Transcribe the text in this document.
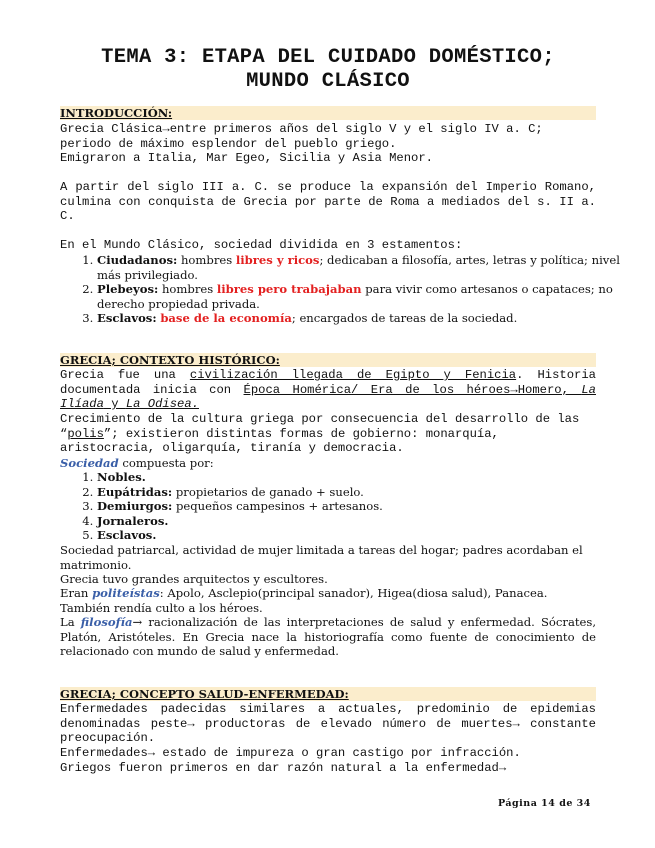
TEMA 3: ETAPA DEL CUIDADO DOMÉSTICO;
MUNDO CLÁSICO
INTRODUCCIÓN:
Grecia Clásica→entre primeros años del siglo V y el siglo IV a. C;
periodo de máximo esplendor del pueblo griego.
Emigraron a Italia, Mar Egeo, Sicilia y Asia Menor.

A partir del siglo III a. C. se produce la expansión del Imperio Romano, culmina con conquista de Grecia por parte de Roma a mediados del s. II a. C.

En el Mundo Clásico, sociedad dividida en 3 estamentos:

1. Ciudadanos: hombres libres y ricos; dedicaban a filosofía, artes, letras y política; nivel más privilegiado.
2. Plebeyos: hombres libres pero trabajaban para vivir como artesanos o capataces; no derecho propiedad privada.
3. Esclavos: base de la economía; encargados de tareas de la sociedad.
GRECIA; CONTEXTO HISTÓRICO:

Grecia fue una civilización llegada de Egipto y Fenicia. Historia documentada inicia con Época Homérica/ Era de los héroes→Homero, La Ilíada y La Odisea.

Crecimiento de la cultura griega por consecuencia del desarrollo de las “polis”; existieron distintas formas de gobierno: monarquía, aristocracia, oligarquía, tiranía y democracia.

Sociedad compuesta por:

1. Nobles.
2. Eupátridas: propietarios de ganado + suelo.
3. Demiurgos: pequeños campesinos + artesanos.
4. Jornaleros.
5. Esclavos.

Sociedad patriarcal, actividad de mujer limitada a tareas del hogar; padres acordaban el matrimonio.

Grecia tuvo grandes arquitectos y escultores.

Eran politeístas: Apolo, Asclepio(principal sanador), Higea(diosa salud), Panacea. También rendía culto a los héroes.

La filosofía→ racionalización de las interpretaciones de salud y enfermedad. Sócrates, Platón, Aristóteles. En Grecia nace la historiografía como fuente de conocimiento de relacionado con mundo de salud y enfermedad.

GRECIA; CONCEPTO SALUD-ENFERMEDAD:

Enfermedades padecidas similares a actuales, predominio de epidemias denominadas peste→ productoras de elevado número de muertes→ constante preocupación.

Enfermedades→ estado de impureza o gran castigo por infracción.

Griegos fueron primeros en dar razón natural a la enfermedad→

Página 14 de 34
